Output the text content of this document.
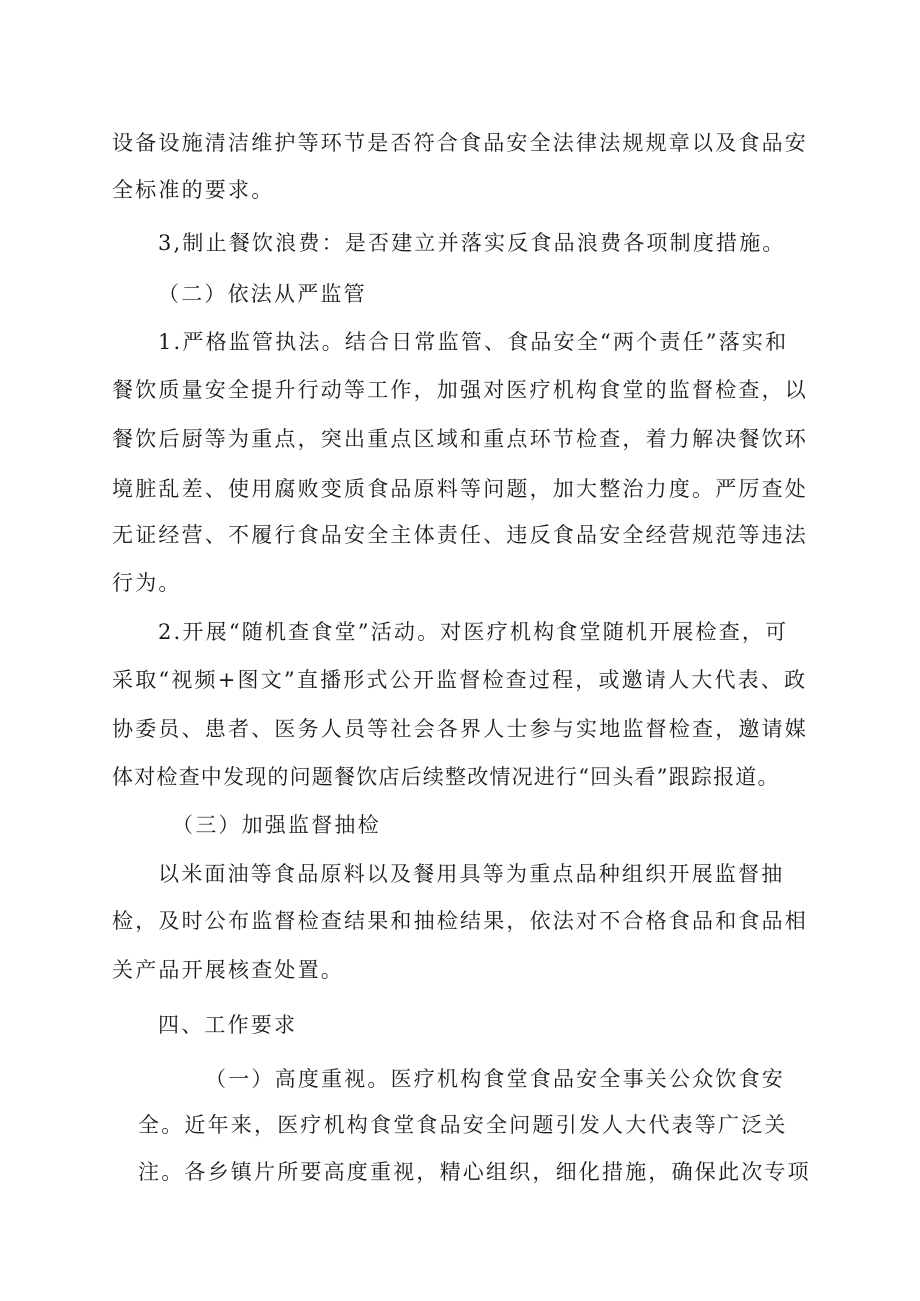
设备设施清洁维护等环节是否符合食品安全法律法规规章以及食品安
全标准的要求。
3,制止餐饮浪费：是否建立并落实反食品浪费各项制度措施。
（二）依法从严监管
1.严格监管执法。结合日常监管、食品安全“两个责任”落实和
餐饮质量安全提升行动等工作，加强对医疗机构食堂的监督检查，以
餐饮后厨等为重点，突出重点区域和重点环节检查，着力解决餐饮环
境脏乱差、使用腐败变质食品原料等问题，加大整治力度。严厉查处
无证经营、不履行食品安全主体责任、违反食品安全经营规范等违法
行为。
2.开展“随机查食堂”活动。对医疗机构食堂随机开展检查，可
采取“视频+图文”直播形式公开监督检查过程，或邀请人大代表、政
协委员、患者、医务人员等社会各界人士参与实地监督检查，邀请媒
体对检查中发现的问题餐饮店后续整改情况进行“回头看”跟踪报道。
（三）加强监督抽检
以米面油等食品原料以及餐用具等为重点品种组织开展监督抽
检，及时公布监督检查结果和抽检结果，依法对不合格食品和食品相
关产品开展核查处置。
四、工作要求
（一）高度重视。医疗机构食堂食品安全事关公众饮食安
全。近年来，医疗机构食堂食品安全问题引发人大代表等广泛关
注。各乡镇片所要高度重视，精心组织，细化措施，确保此次专项
